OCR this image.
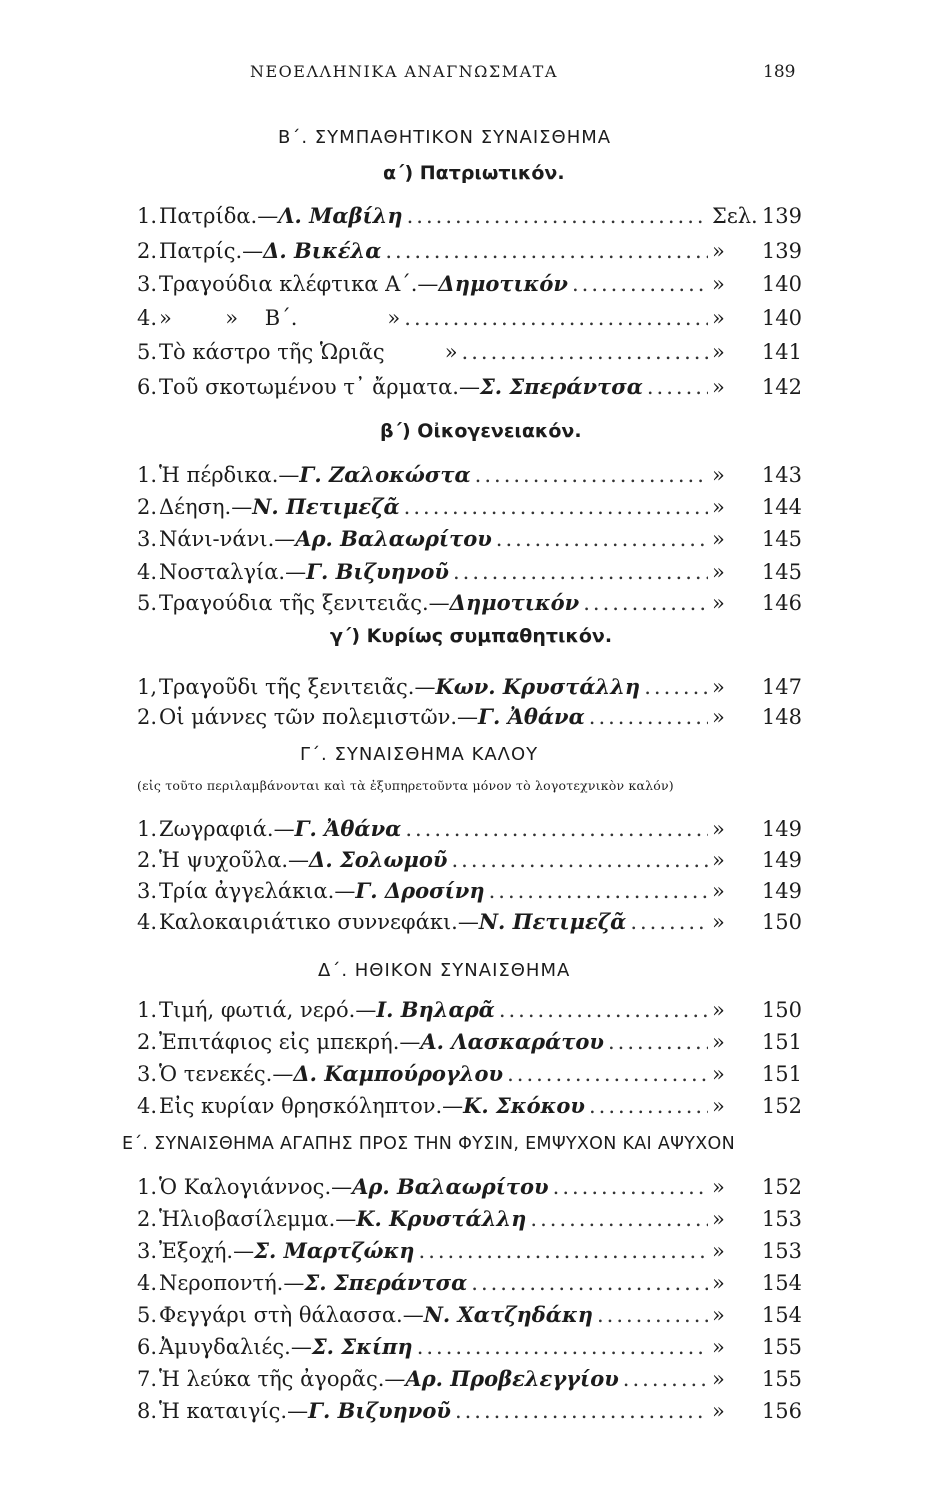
ΝΕΟΕΛΛΗΝΙΚΑ ΑΝΑΓΝΩΣΜΑΤΑ	189
Β΄. ΣΥΜΠΑΘΗΤΙΚΟΝ ΣΥΝΑΙΣΘΗΜΑ
α΄) Πατριωτικόν.
1. Πατρίδα. — Λ. Μαβίλη .....	Σελ. 139
2. Πατρίς. — Δ. Βικέλα .....	»	139
3. Τραγούδια κλέφτικα Α΄. — Δημοτικόν .....	»	140
4. »        »    Β΄.	» .....	»	140
5. Τὸ κάστρο τῆς Ὡριᾶς	» .....	»	141
6. Τοῦ σκοτωμένου τ᾽ ἄρματα. — Σ. Σπεράντσα .....	»	142
β΄) Οἰκογενειακόν.
1. Ἡ πέρδικα. — Γ. Ζαλοκώστα .....	»	143
2. Δέηση. — Ν. Πετιμεζᾶ .....	»	144
3. Νάνι-νάνι. — Αρ. Βαλαωρίτου .....	»	145
4. Νοσταλγία. — Γ. Βιζυηνοῦ .....	»	145
5. Τραγούδια τῆς ξενιτειᾶς. — Δημοτικόν .....	»	146
γ΄) Κυρίως συμπαθητικόν.
1, Τραγοῦδι τῆς ξενιτειᾶς. — Κων. Κρυστάλλη .....	»	147
2. Οἱ μάννες τῶν πολεμιστῶν. — Γ. Ἀθάνα .....	»	148
Γ΄. ΣΥΝΑΙΣΘΗΜΑ ΚΑΛΟΥ
(εἰς τοῦτο περιλαμβάνονται καὶ τὰ ἐξυπηρετοῦντα μόνον τὸ λογοτεχνικὸν καλόν)
1. Ζωγραφιά. — Γ. Ἀθάνα .....	»	149
2. Ἡ ψυχοῦλα. — Δ. Σολωμοῦ .....	»	149
3. Τρία ἀγγελάκια. — Γ. Δροσίνη .....	»	149
4. Καλοκαιριάτικο συννεφάκι. — Ν. Πετιμεζᾶ .....	»	150
Δ΄. ΗΘΙΚΟΝ ΣΥΝΑΙΣΘΗΜΑ
1. Τιμή, φωτιά, νερό. — Ι. Βηλαρᾶ .....	»	150
2. Ἐπιτάφιος εἰς μπεκρή. — Α. Λασκαράτου .....	»	151
3. Ὁ τενεκές. — Δ. Καμπούρογλου .....	»	151
4. Εἰς κυρίαν θρησκόληπτον. — Κ. Σκόκου .....	»	152
Ε΄. ΣΥΝΑΙΣΘΗΜΑ ΑΓΑΠΗΣ ΠΡΟΣ ΤΗΝ ΦΥΣΙΝ, ΕΜΨΥΧΟΝ ΚΑΙ ΑΨΥΧΟΝ
1. Ὁ Καλογιάννος. — Αρ. Βαλαωρίτου .....	»	152
2. Ἡλιοβασίλεμμα. — Κ. Κρυστάλλη .....	»	153
3. Ἐξοχή. — Σ. Μαρτζώκη .....	»	153
4. Νεροποντή. — Σ. Σπεράντσα .....	»	154
5. Φεγγάρι στὴ θάλασσα. — Ν. Χατζηδάκη .....	»	154
6. Ἀμυγδαλιές. — Σ. Σκίπη .....	»	155
7. Ἡ λεύκα τῆς ἀγορᾶς. — Αρ. Προβελεγγίου .....	»	155
8. Ἡ καταιγίς. — Γ. Βιζυηνοῦ .....	»	156
